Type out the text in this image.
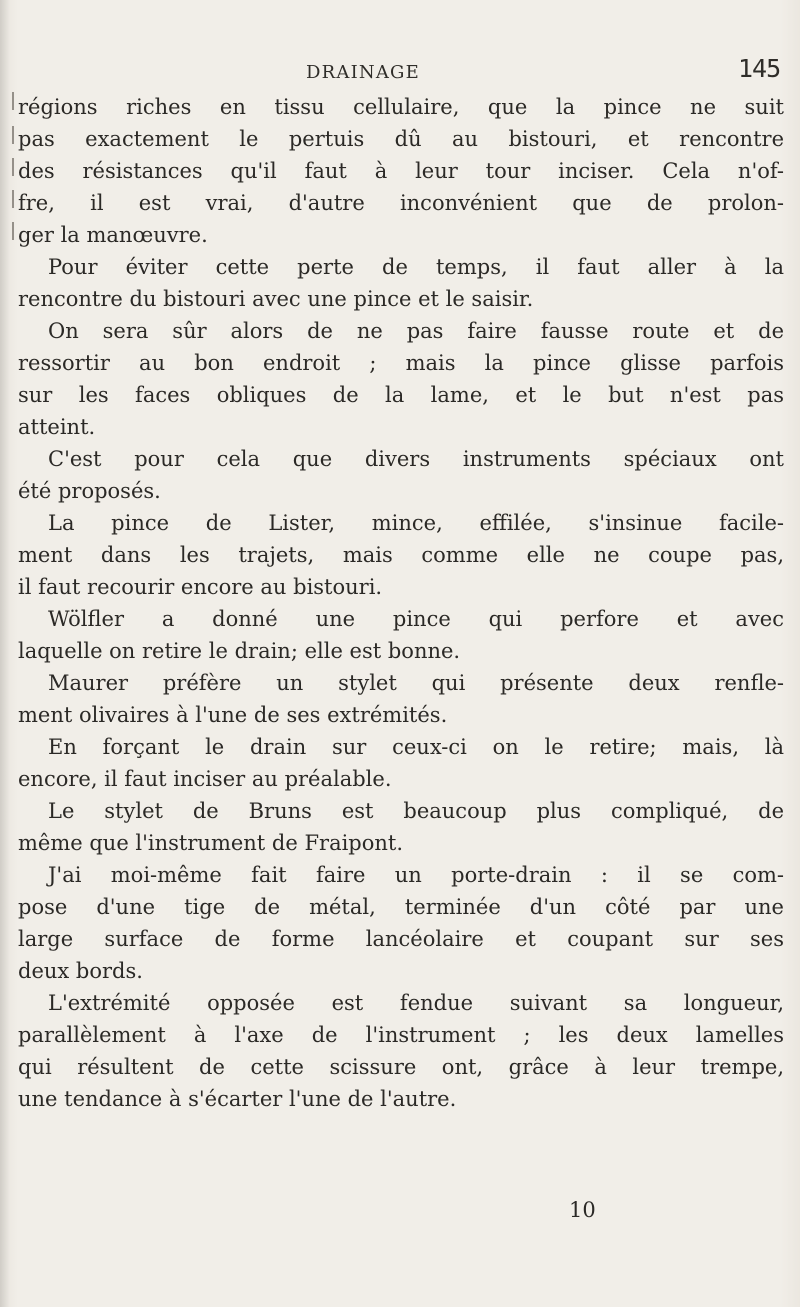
DRAINAGE	145
régions riches en tissu cellulaire, que la pince ne suit
pas exactement le pertuis dû au bistouri, et rencontre
des résistances qu'il faut à leur tour inciser. Cela n'of-
fre, il est vrai, d'autre inconvénient que de prolon-
ger la manœuvre.
Pour éviter cette perte de temps, il faut aller à la
rencontre du bistouri avec une pince et le saisir.
On sera sûr alors de ne pas faire fausse route et de
ressortir au bon endroit ; mais la pince glisse parfois
sur les faces obliques de la lame, et le but n'est pas
atteint.
C'est pour cela que divers instruments spéciaux ont
été proposés.
La pince de Lister, mince, effilée, s'insinue facile-
ment dans les trajets, mais comme elle ne coupe pas,
il faut recourir encore au bistouri.
Wölfler a donné une pince qui perfore et avec
laquelle on retire le drain; elle est bonne.
Maurer préfère un stylet qui présente deux renfle-
ment olivaires à l'une de ses extrémités.
En forçant le drain sur ceux-ci on le retire; mais, là
encore, il faut inciser au préalable.
Le stylet de Bruns est beaucoup plus compliqué, de
même que l'instrument de Fraipont.
J'ai moi-même fait faire un porte-drain : il se com-
pose d'une tige de métal, terminée d'un côté par une
large surface de forme lancéolaire et coupant sur ses
deux bords.
L'extrémité opposée est fendue suivant sa longueur,
parallèlement à l'axe de l'instrument ; les deux lamelles
qui résultent de cette scissure ont, grâce à leur trempe,
une tendance à s'écarter l'une de l'autre.
10
